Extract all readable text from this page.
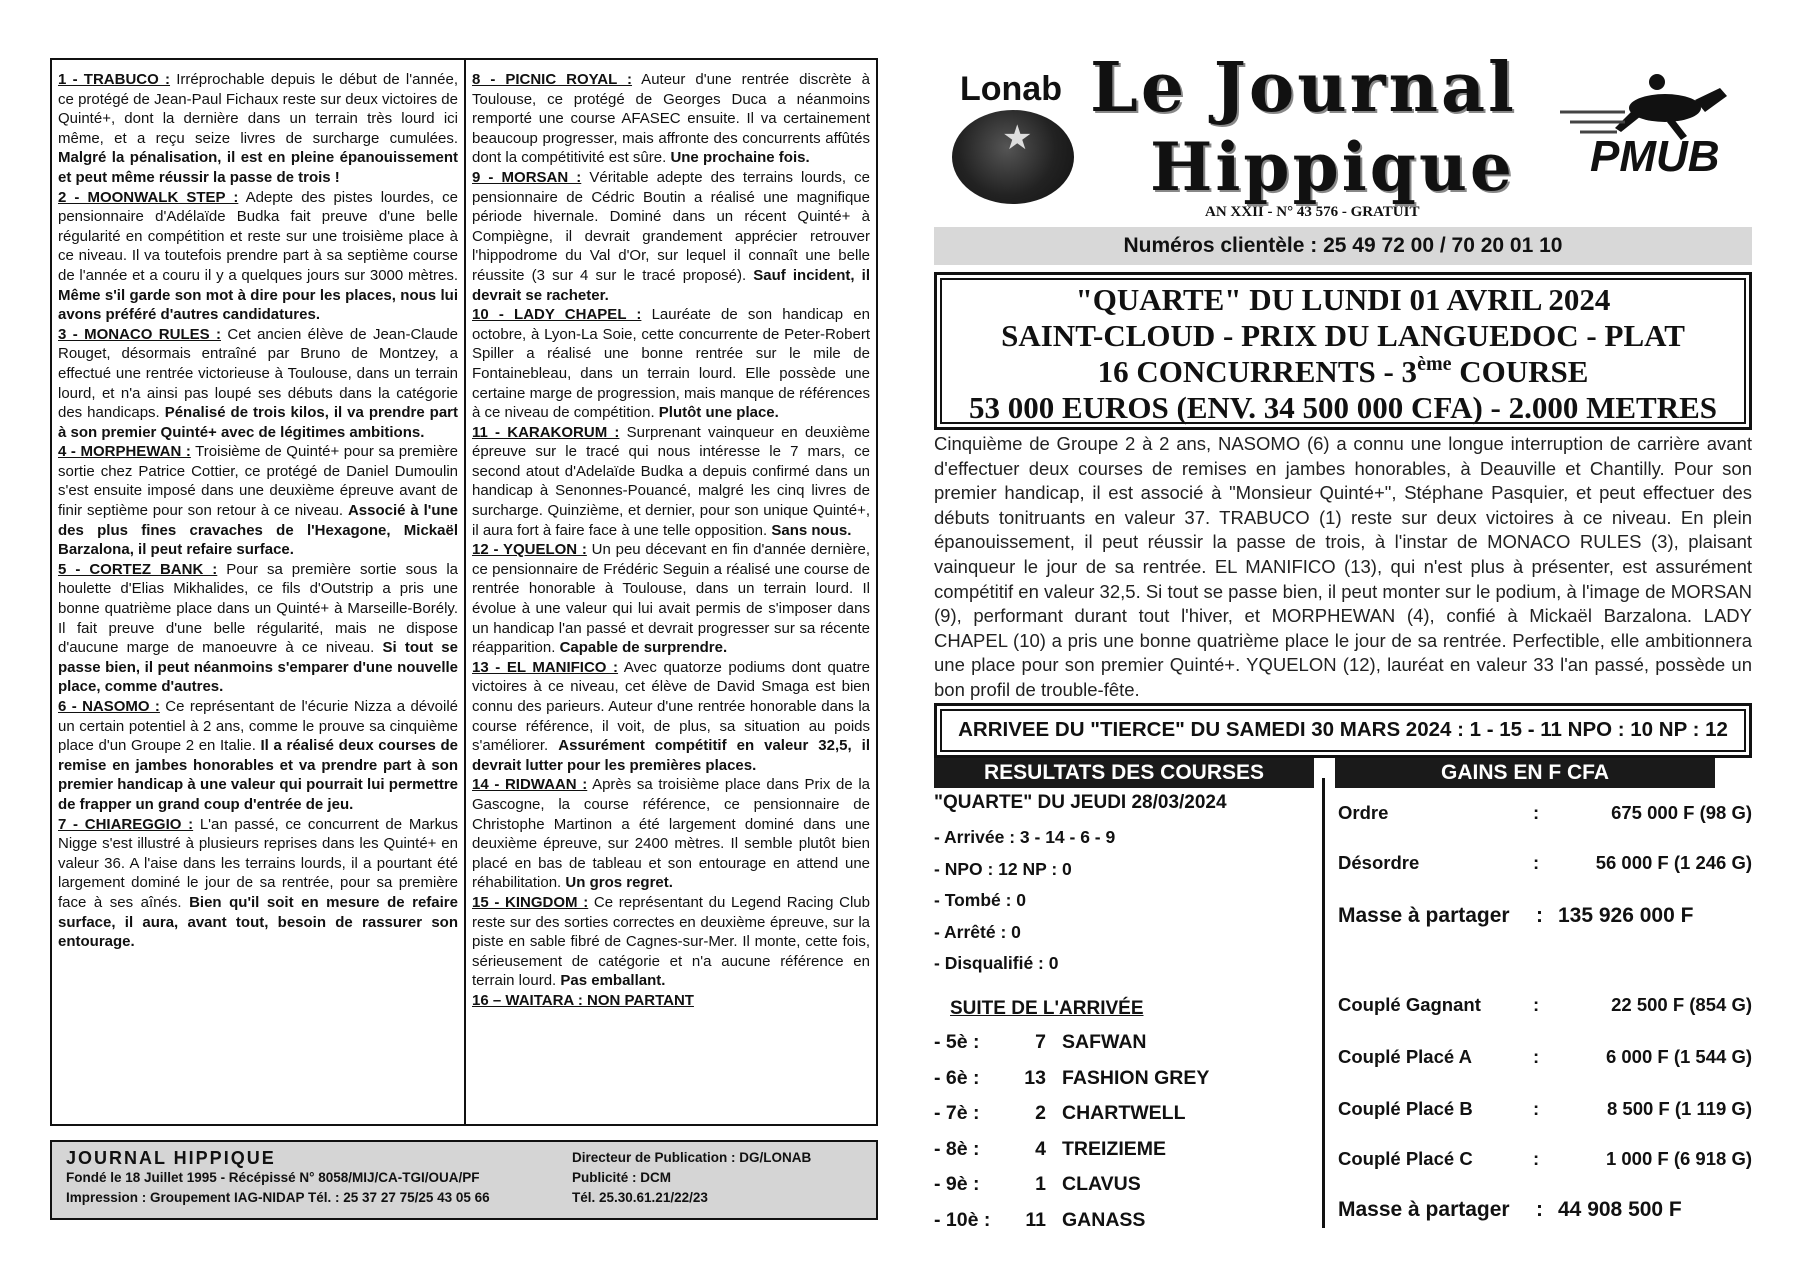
1 - TRABUCO : Irréprochable depuis le début de l'année, ce protégé de Jean-Paul Fichaux reste sur deux victoires de Quinté+, dont la dernière dans un terrain très lourd ici même, et a reçu seize livres de surcharge cumulées. Malgré la pénalisation, il est en pleine épanouissement et peut même réussir la passe de trois !

2 - MOONWALK STEP : Adepte des pistes lourdes, ce pensionnaire d'Adélaïde Budka fait preuve d'une belle régularité en compétition et reste sur une troisième place à ce niveau. Il va toutefois prendre part à sa septième course de l'année et a couru il y a quelques jours sur 3000 mètres. Même s'il garde son mot à dire pour les places, nous lui avons préféré d'autres candidatures.

3 - MONACO RULES : Cet ancien élève de Jean-Claude Rouget, désormais entraîné par Bruno de Montzey, a effectué une rentrée victorieuse à Toulouse, dans un terrain lourd, et n'a ainsi pas loupé ses débuts dans la catégorie des handicaps. Pénalisé de trois kilos, il va prendre part à son premier Quinté+ avec de légitimes ambitions.

4 - MORPHEWAN : Troisième de Quinté+ pour sa première sortie chez Patrice Cottier, ce protégé de Daniel Dumoulin s'est ensuite imposé dans une deuxième épreuve avant de finir septième pour son retour à ce niveau. Associé à l'une des plus fines cravaches de l'Hexagone, Mickaël Barzalona, il peut refaire surface.

5 - CORTEZ BANK : Pour sa première sortie sous la houlette d'Elias Mikhalides, ce fils d'Outstrip a pris une bonne quatrième place dans un Quinté+ à Marseille-Borély. Il fait preuve d'une belle régularité, mais ne dispose d'aucune marge de manoeuvre à ce niveau. Si tout se passe bien, il peut néanmoins s'emparer d'une nouvelle place, comme d'autres.

6 - NASOMO : Ce représentant de l'écurie Nizza a dévoilé un certain potentiel à 2 ans, comme le prouve sa cinquième place d'un Groupe 2 en Italie. Il a réalisé deux courses de remise en jambes honorables et va prendre part à son premier handicap à une valeur qui pourrait lui permettre de frapper un grand coup d'entrée de jeu.

7 - CHIAREGGIO : L'an passé, ce concurrent de Markus Nigge s'est illustré à plusieurs reprises dans les Quinté+ en valeur 36. A l'aise dans les terrains lourds, il a pourtant été largement dominé le jour de sa rentrée, pour sa première face à ses aînés. Bien qu'il soit en mesure de refaire surface, il aura, avant tout, besoin de rassurer son entourage.

8 - PICNIC ROYAL : Auteur d'une rentrée discrète à Toulouse, ce protégé de Georges Duca a néanmoins remporté une course AFASEC ensuite. Il va certainement beaucoup progresser, mais affronte des concurrents affûtés dont la compétitivité est sûre. Une prochaine fois.

9 - MORSAN : Véritable adepte des terrains lourds, ce pensionnaire de Cédric Boutin a réalisé une magnifique période hivernale. Dominé dans un récent Quinté+ à Compiègne, il devrait grandement apprécier retrouver l'hippodrome du Val d'Or, sur lequel il connaît une belle réussite (3 sur 4 sur le tracé proposé). Sauf incident, il devrait se racheter.

10 - LADY CHAPEL : Lauréate de son handicap en octobre, à Lyon-La Soie, cette concurrente de Peter-Robert Spiller a réalisé une bonne rentrée sur le mile de Fontainebleau, dans un terrain lourd. Elle possède une certaine marge de progression, mais manque de références à ce niveau de compétition. Plutôt une place.

11 - KARAKORUM : Surprenant vainqueur en deuxième épreuve sur le tracé qui nous intéresse le 7 mars, ce second atout d'Adelaïde Budka a depuis confirmé dans un handicap à Senonnes-Pouancé, malgré les cinq livres de surcharge. Quinzième, et dernier, pour son unique Quinté+, il aura fort à faire face à une telle opposition. Sans nous.

12 - YQUELON : Un peu décevant en fin d'année dernière, ce pensionnaire de Frédéric Seguin a réalisé une course de rentrée honorable à Toulouse, dans un terrain lourd. Il évolue à une valeur qui lui avait permis de s'imposer dans un handicap l'an passé et devrait progresser sur sa récente réapparition. Capable de surprendre.

13 - EL MANIFICO : Avec quatorze podiums dont quatre victoires à ce niveau, cet élève de David Smaga est bien connu des parieurs. Auteur d'une rentrée honorable dans la course référence, il voit, de plus, sa situation au poids s'améliorer. Assurément compétitif en valeur 32,5, il devrait lutter pour les premières places.

14 - RIDWAAN : Après sa troisième place dans Prix de la Gascogne, la course référence, ce pensionnaire de Christophe Martinon a été largement dominé dans une deuxième épreuve, sur 2400 mètres. Il semble plutôt bien placé en bas de tableau et son entourage en attend une réhabilitation. Un gros regret.

15 - KINGDOM : Ce représentant du Legend Racing Club reste sur des sorties correctes en deuxième épreuve, sur la piste en sable fibré de Cagnes-sur-Mer. Il monte, cette fois, sérieusement de catégorie et n'a aucune référence en terrain lourd. Pas emballant.

16 – WAITARA : NON PARTANT

JOURNAL HIPPIQUE
Fondé le 18 Juillet 1995 - Récépissé N° 8058/MIJ/CA-TGI/OUA/PF
Impression : Groupement IAG-NIDAP Tél. : 25 37 27 75/25 43 05 66
Directeur de Publication : DG/LONAB
Publicité : DCM
Tél. 25.30.61.21/22/23
★
Lonab Le Journal
Hippique
AN XXII - N° 43 576 - GRATUIT
PMUB
Numéros clientèle : 25 49 72 00 / 70 20 01 10
"QUARTE" DU LUNDI 01 AVRIL 2024
SAINT-CLOUD - PRIX DU LANGUEDOC - PLAT
16 CONCURRENTS - 3ème COURSE
53 000 EUROS (ENV. 34 500 000 CFA) - 2.000 METRES

Cinquième de Groupe 2 à 2 ans, NASOMO (6) a connu une longue interruption de carrière avant d'effectuer deux courses de remises en jambes honorables, à Deauville et Chantilly. Pour son premier handicap, il est associé à "Monsieur Quinté+", Stéphane Pasquier, et peut effectuer des débuts tonitruants en valeur 37. TRABUCO (1) reste sur deux victoires à ce niveau. En plein épanouissement, il peut réussir la passe de trois, à l'instar de MONACO RULES (3), plaisant vainqueur le jour de sa rentrée. EL MANIFICO (13), qui n'est plus à présenter, est assurément compétitif en valeur 32,5. Si tout se passe bien, il peut monter sur le podium, à l'image de MORSAN (9), performant durant tout l'hiver, et MORPHEWAN (4), confié à Mickaël Barzalona. LADY CHAPEL (10) a pris une bonne quatrième place le jour de sa rentrée. Perfectible, elle ambitionnera une place pour son premier Quinté+. YQUELON (12), lauréat en valeur 33 l'an passé, possède un bon profil de trouble-fête.

ARRIVEE DU "TIERCE" DU SAMEDI 30 MARS 2024 : 1 - 15 - 11 NPO : 10 NP : 12
RESULTATS DES COURSES	GAINS EN F CFA
"QUARTE" DU JEUDI 28/03/2024
- Arrivée : 3 - 14 - 6 - 9
- NPO : 12 NP : 0
- Tombé : 0
- Arrêté : 0
- Disqualifié : 0
SUITE DE L'ARRIVÉE
- 5è :	7 SAFWAN
- 6è :	13 FASHION GREY
- 7è :	2 CHARTWELL
- 8è :	4 TREIZIEME
- 9è :	1 CLAVUS
- 10è :	11 GANASS
Ordre	:	675 000 F (98 G)
Désordre	:	56 000 F (1 246 G)
Masse à partager : 135 926 000 F
Couplé Gagnant	:	22 500 F (854 G)
Couplé Placé A	:	6 000 F (1 544 G)
Couplé Placé B	:	8 500 F (1 119 G)
Couplé Placé C	:	1 000 F (6 918 G)
Masse à partager : 44 908 500 F
